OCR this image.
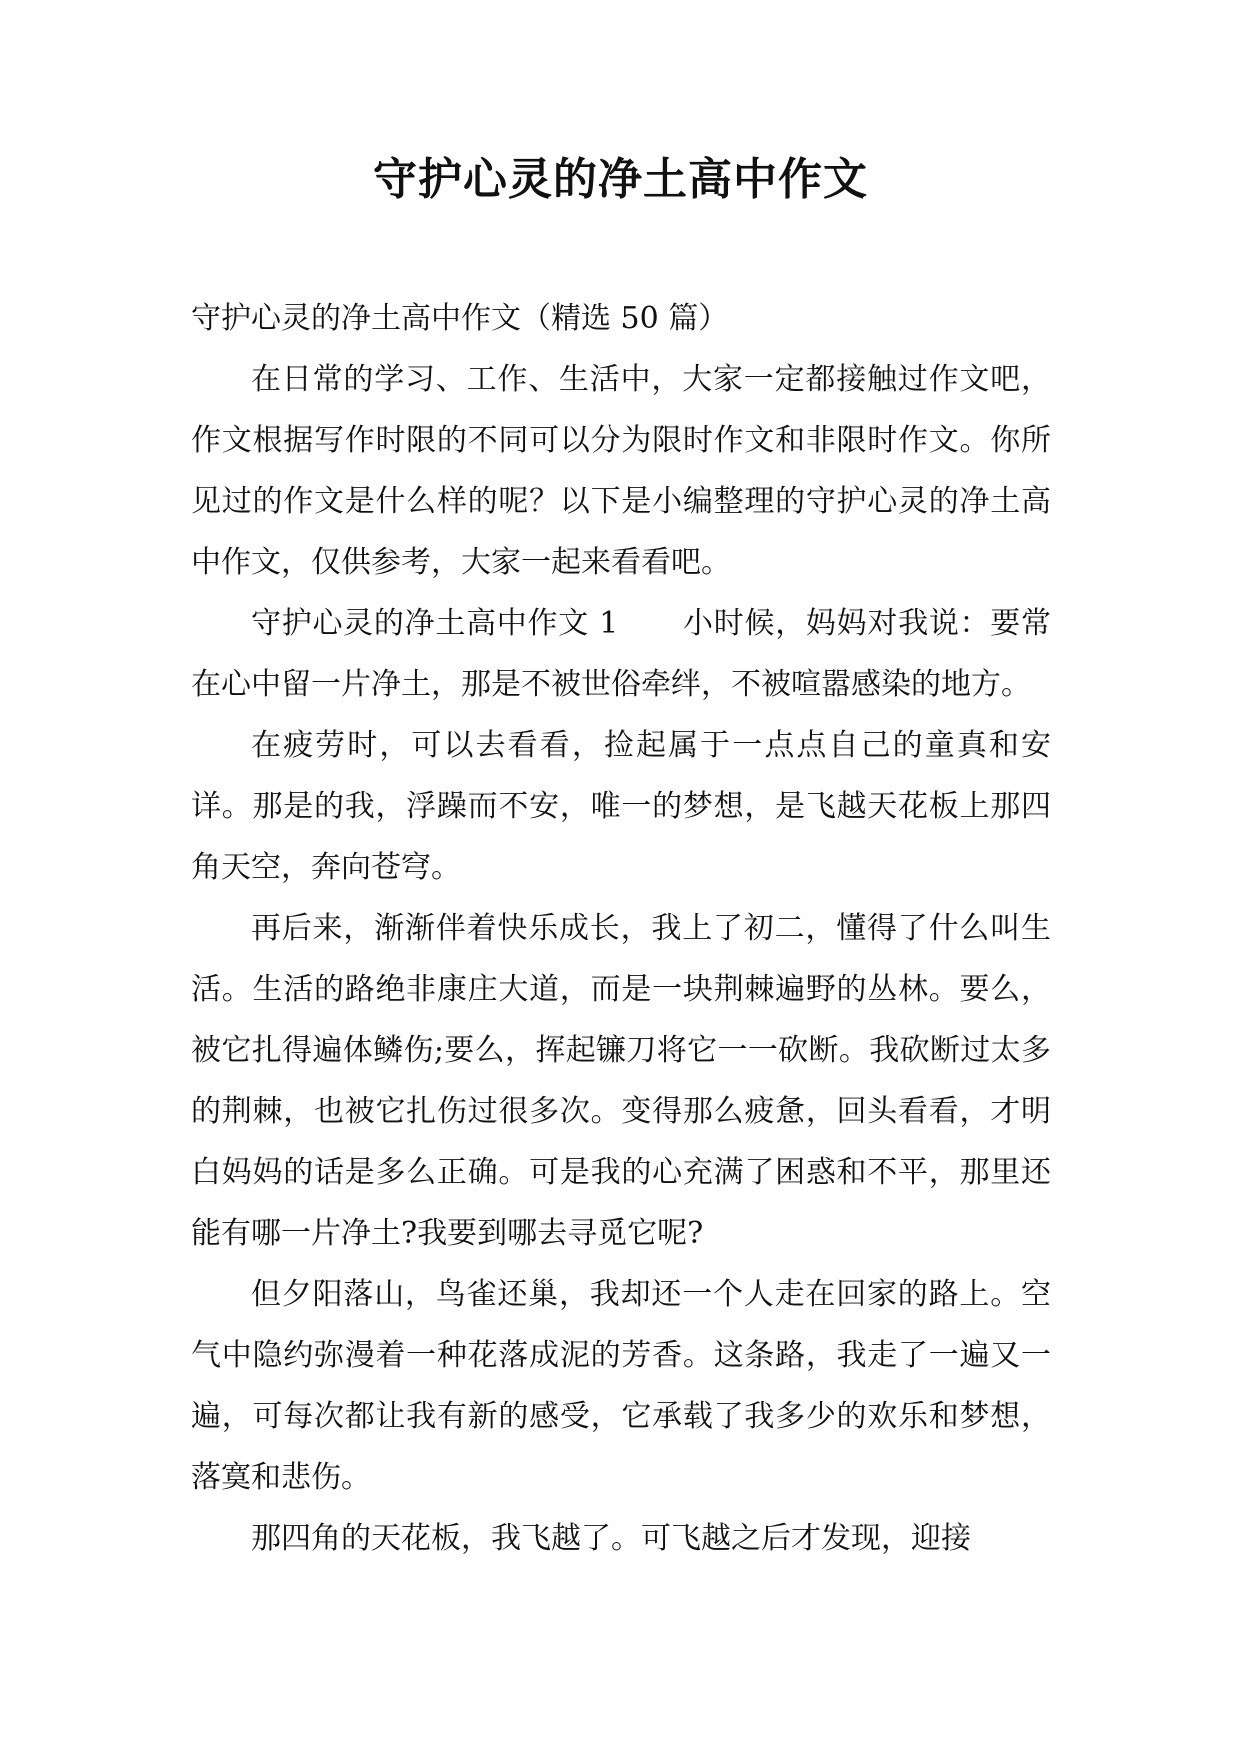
守护心灵的净土高中作文

守护心灵的净土高中作文（精选 50 篇）

在日常的学习、工作、生活中，大家一定都接触过作文吧，作文根据写作时限的不同可以分为限时作文和非限时作文。你所见过的作文是什么样的呢？以下是小编整理的守护心灵的净土高中作文，仅供参考，大家一起来看看吧。

守护心灵的净土高中作文 1 小时候，妈妈对我说：要常在心中留一片净土，那是不被世俗牵绊，不被喧嚣感染的地方。

在疲劳时，可以去看看，捡起属于一点点自己的童真和安详。那是的我，浮躁而不安，唯一的梦想，是飞越天花板上那四角天空，奔向苍穹。

再后来，渐渐伴着快乐成长，我上了初二，懂得了什么叫生活。生活的路绝非康庄大道，而是一块荆棘遍野的丛林。要么，被它扎得遍体鳞伤;要么，挥起镰刀将它一一砍断。我砍断过太多的荆棘，也被它扎伤过很多次。变得那么疲惫，回头看看，才明白妈妈的话是多么正确。可是我的心充满了困惑和不平，那里还能有哪一片净土?我要到哪去寻觅它呢?

但夕阳落山，鸟雀还巢，我却还一个人走在回家的路上。空气中隐约弥漫着一种花落成泥的芳香。这条路，我走了一遍又一遍，可每次都让我有新的感受，它承载了我多少的欢乐和梦想，落寞和悲伤。

那四角的天花板，我飞越了。可飞越之后才发现，迎接
